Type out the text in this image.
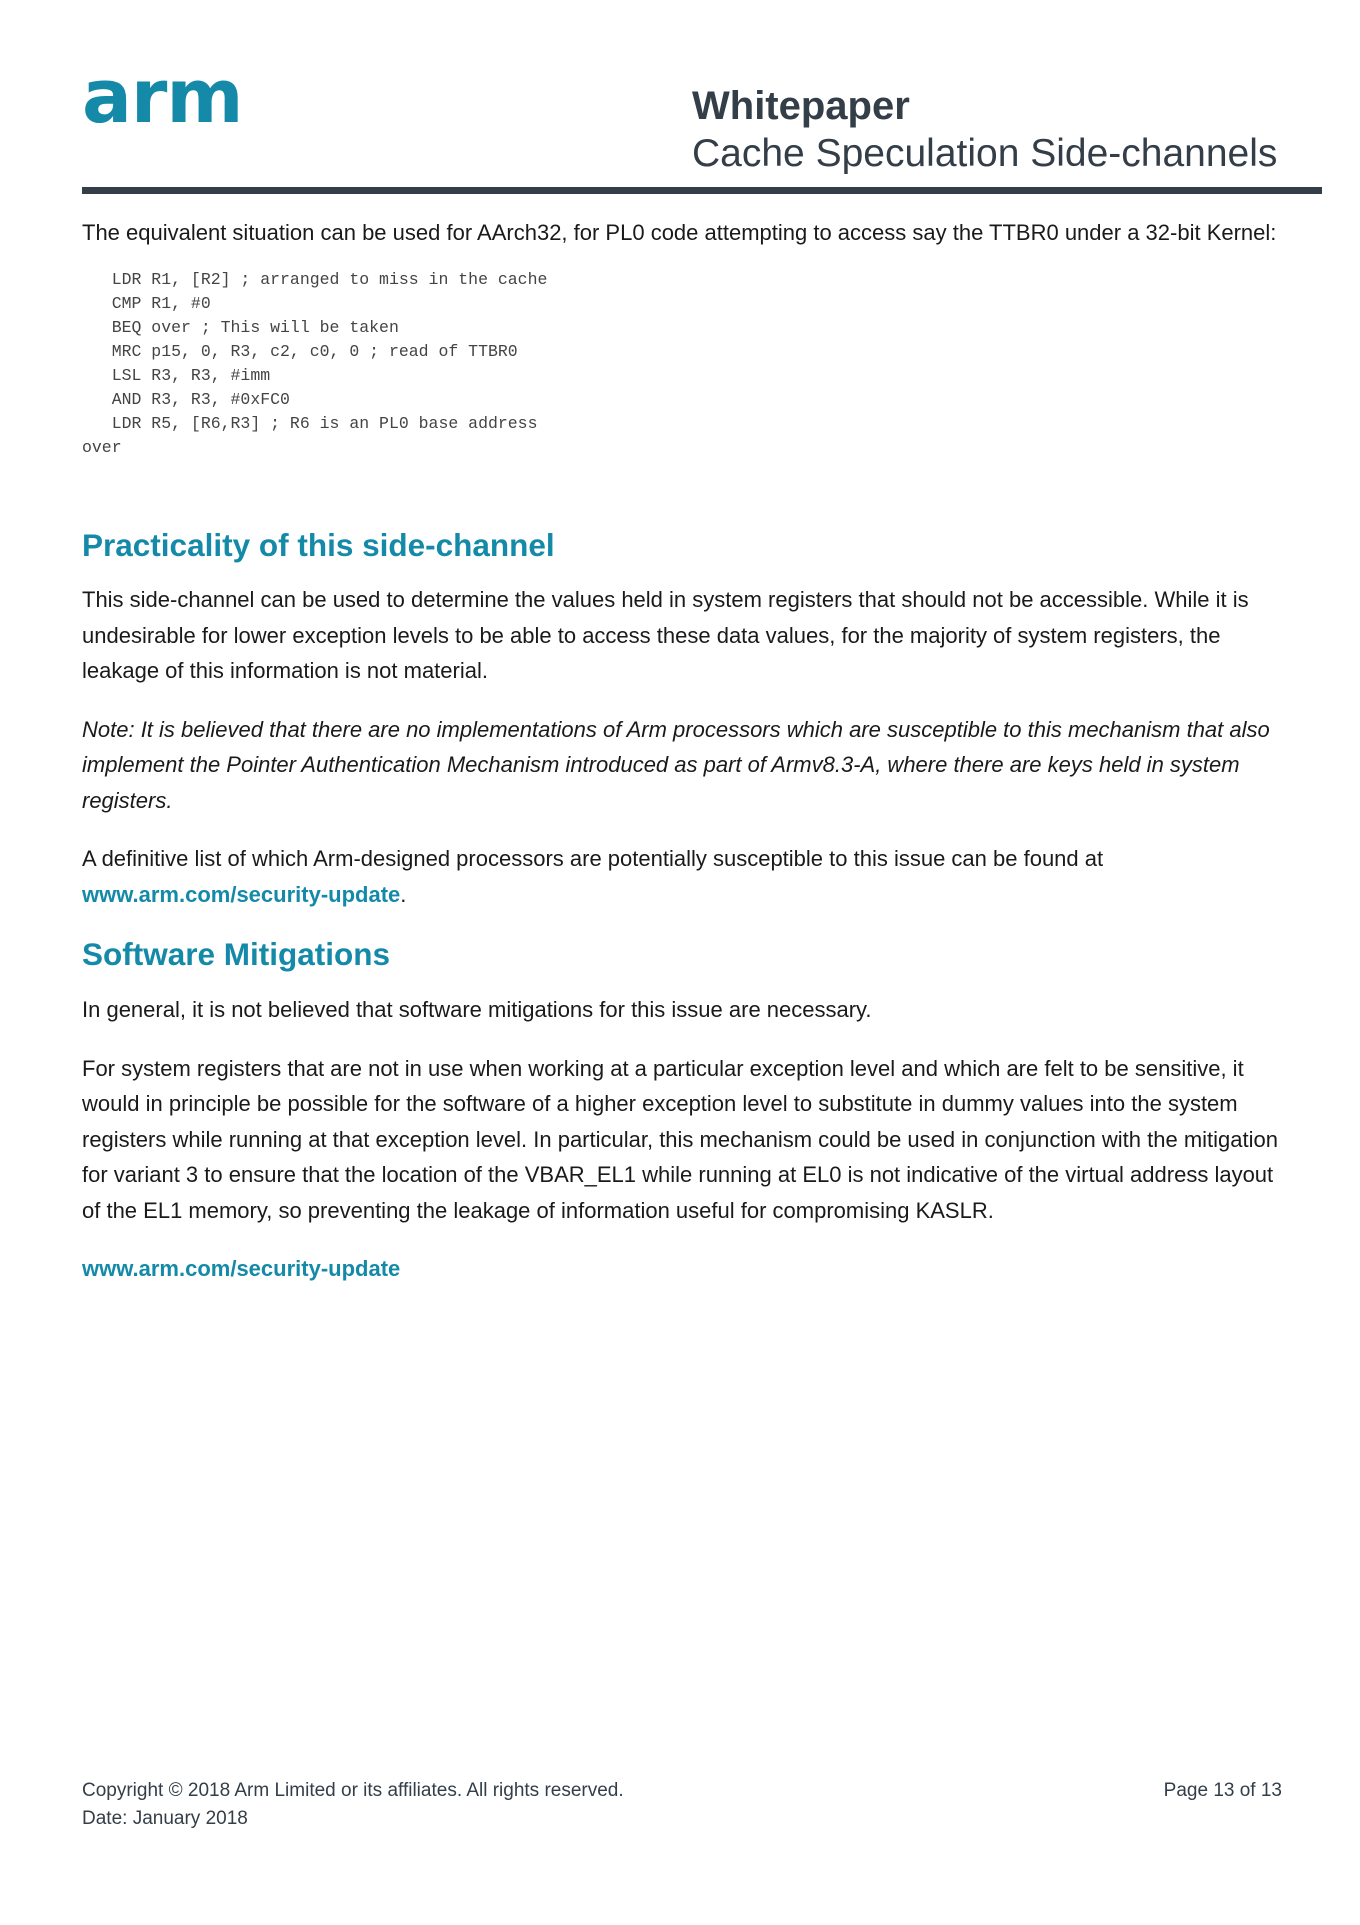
arm	Whitepaper
Cache Speculation Side-channels

The equivalent situation can be used for AArch32, for PL0 code attempting to access say the TTBR0 under a 32-bit Kernel:

LDR R1, [R2] ; arranged to miss in the cache
CMP R1, #0
BEQ over ; This will be taken
MRC p15, 0, R3, c2, c0, 0 ; read of TTBR0
LSL R3, R3, #imm
AND R3, R3, #0xFC0
LDR R5, [R6,R3] ; R6 is an PL0 base address
over
Practicality of this side-channel

This side-channel can be used to determine the values held in system registers that should not be accessible. While it is undesirable for lower exception levels to be able to access these data values, for the majority of system registers, the leakage of this information is not material.

Note: It is believed that there are no implementations of Arm processors which are susceptible to this mechanism that also implement the Pointer Authentication Mechanism introduced as part of Armv8.3-A, where there are keys held in system registers.

A definitive list of which Arm-designed processors are potentially susceptible to this issue can be found at
www.arm.com/security-update.

Software Mitigations

In general, it is not believed that software mitigations for this issue are necessary.

For system registers that are not in use when working at a particular exception level and which are felt to be sensitive, it would in principle be possible for the software of a higher exception level to substitute in dummy values into the system registers while running at that exception level. In particular, this mechanism could be used in conjunction with the mitigation for variant 3 to ensure that the location of the VBAR_EL1 while running at EL0 is not indicative of the virtual address layout of the EL1 memory, so preventing the leakage of information useful for compromising KASLR.

www.arm.com/security-update

Copyright © 2018 Arm Limited or its affiliates. All rights reserved.
Date: January 2018
Page 13 of 13
